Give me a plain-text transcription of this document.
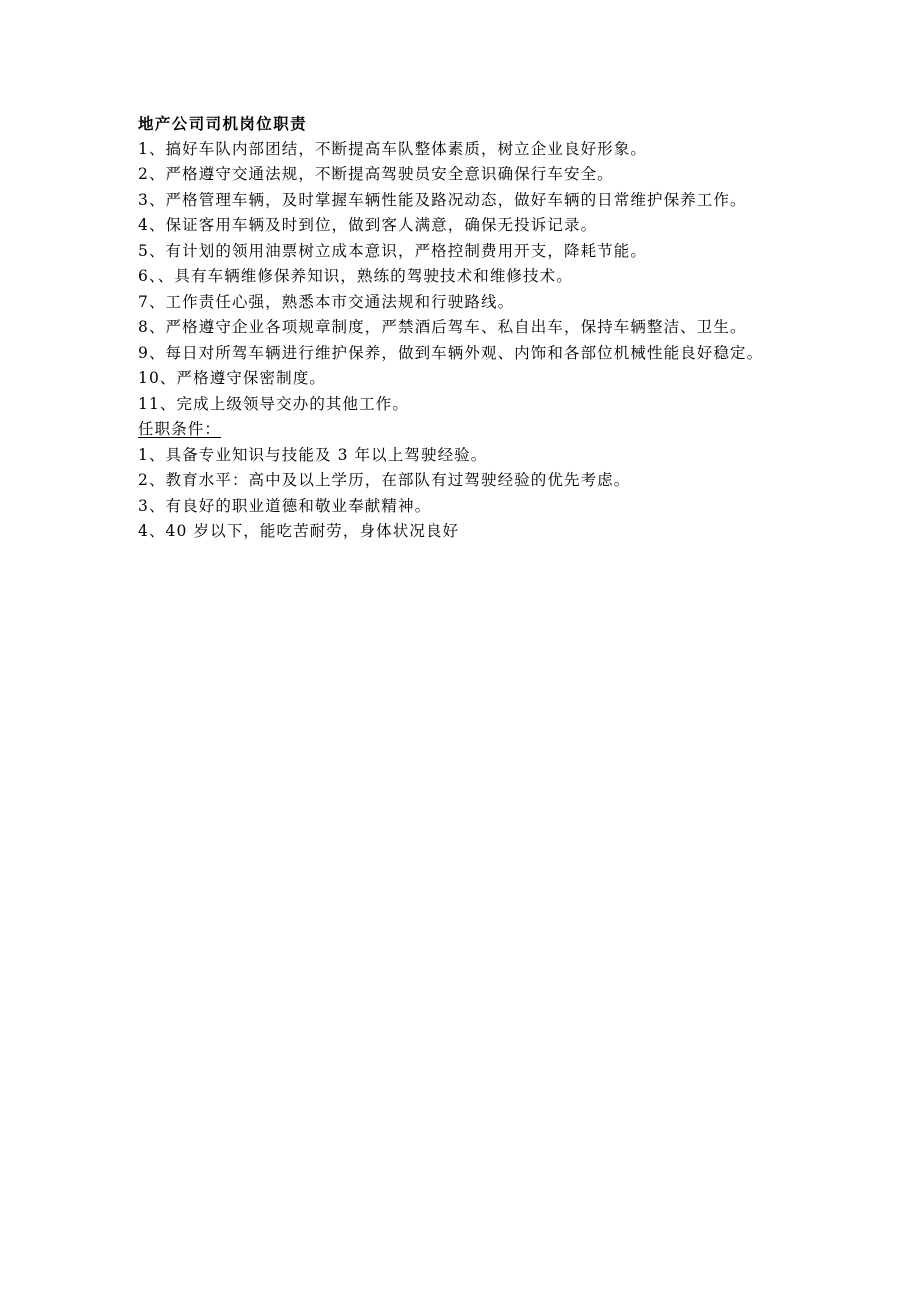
地产公司司机岗位职责

1、搞好车队内部团结，不断提高车队整体素质，树立企业良好形象。

2、严格遵守交通法规，不断提高驾驶员安全意识确保行车安全。

3、严格管理车辆，及时掌握车辆性能及路况动态，做好车辆的日常维护保养工作。

4、保证客用车辆及时到位，做到客人满意，确保无投诉记录。

5、有计划的领用油票树立成本意识，严格控制费用开支，降耗节能。

6、、具有车辆维修保养知识，熟练的驾驶技术和维修技术。

7、工作责任心强，熟悉本市交通法规和行驶路线。

8、严格遵守企业各项规章制度，严禁酒后驾车、私自出车，保持车辆整洁、卫生。

9、每日对所驾车辆进行维护保养，做到车辆外观、内饰和各部位机械性能良好稳定。

10、严格遵守保密制度。

11、完成上级领导交办的其他工作。

任职条件：

1、具备专业知识与技能及 3 年以上驾驶经验。

2、教育水平：高中及以上学历，在部队有过驾驶经验的优先考虑。

3、有良好的职业道德和敬业奉献精神。

4、40 岁以下，能吃苦耐劳，身体状况良好
